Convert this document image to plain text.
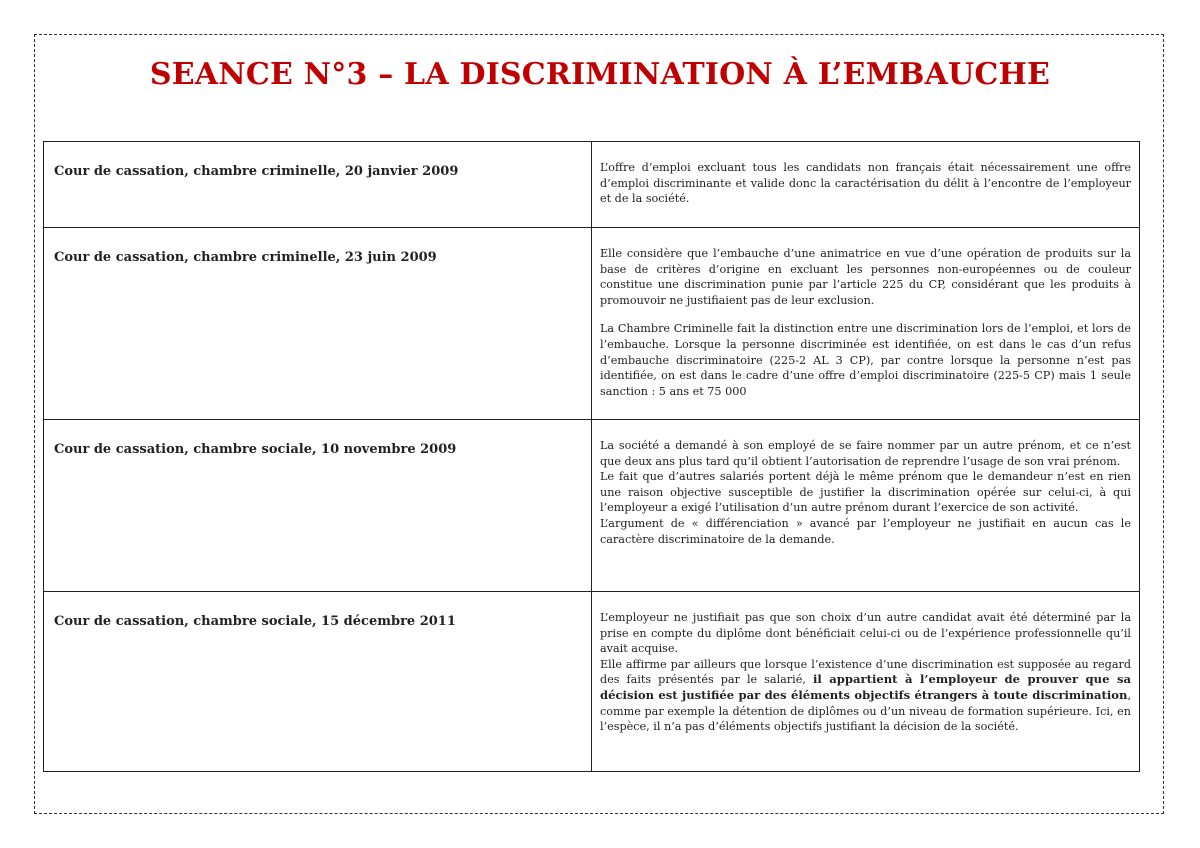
SEANCE N°3 – LA DISCRIMINATION À L’EMBAUCHE
Cour de cassation, chambre criminelle, 20 janvier 2009	L’offre d’emploi excluant tous les candidats non français était nécessairement une offre d’emploi discriminante et valide donc la caractérisation du délit à l’encontre de l’employeur et de la société.

Cour de cassation, chambre criminelle, 23 juin 2009	Elle considère que l’embauche d’une animatrice en vue d’une opération de produits sur la base de critères d’origine en excluant les personnes non-européennes ou de couleur constitue une discrimination punie par l’article 225 du CP, considérant que les produits à promouvoir ne justifiaient pas de leur exclusion.

La Chambre Criminelle fait la distinction entre une discrimination lors de l’emploi, et lors de l’embauche. Lorsque la personne discriminée est identifiée, on est dans le cas d’un refus d’embauche discriminatoire (225-2 AL 3 CP), par contre lorsque la personne n’est pas identifiée, on est dans le cadre d’une offre d’emploi discriminatoire (225-5 CP) mais 1 seule sanction : 5 ans et 75 000

Cour de cassation, chambre sociale, 10 novembre 2009	La société a demandé à son employé de se faire nommer par un autre prénom, et ce n’est que deux ans plus tard qu’il obtient l’autorisation de reprendre l’usage de son vrai prénom.

Le fait que d’autres salariés portent déjà le même prénom que le demandeur n’est en rien une raison objective susceptible de justifier la discrimination opérée sur celui-ci, à qui l’employeur a exigé l’utilisation d’un autre prénom durant l’exercice de son activité.

L’argument de « différenciation » avancé par l’employeur ne justifiait en aucun cas le caractère discriminatoire de la demande.

Cour de cassation, chambre sociale, 15 décembre 2011	L’employeur ne justifiait pas que son choix d’un autre candidat avait été déterminé par la prise en compte du diplôme dont bénéficiait celui-ci ou de l’expérience professionnelle qu’il avait acquise.

Elle affirme par ailleurs que lorsque l’existence d’une discrimination est supposée au regard des faits présentés par le salarié, il appartient à l’employeur de prouver que sa décision est justifiée par des éléments objectifs étrangers à toute discrimination, comme par exemple la détention de diplômes ou d’un niveau de formation supérieure. Ici, en l’espèce, il n’a pas d’éléments objectifs justifiant la décision de la société.
